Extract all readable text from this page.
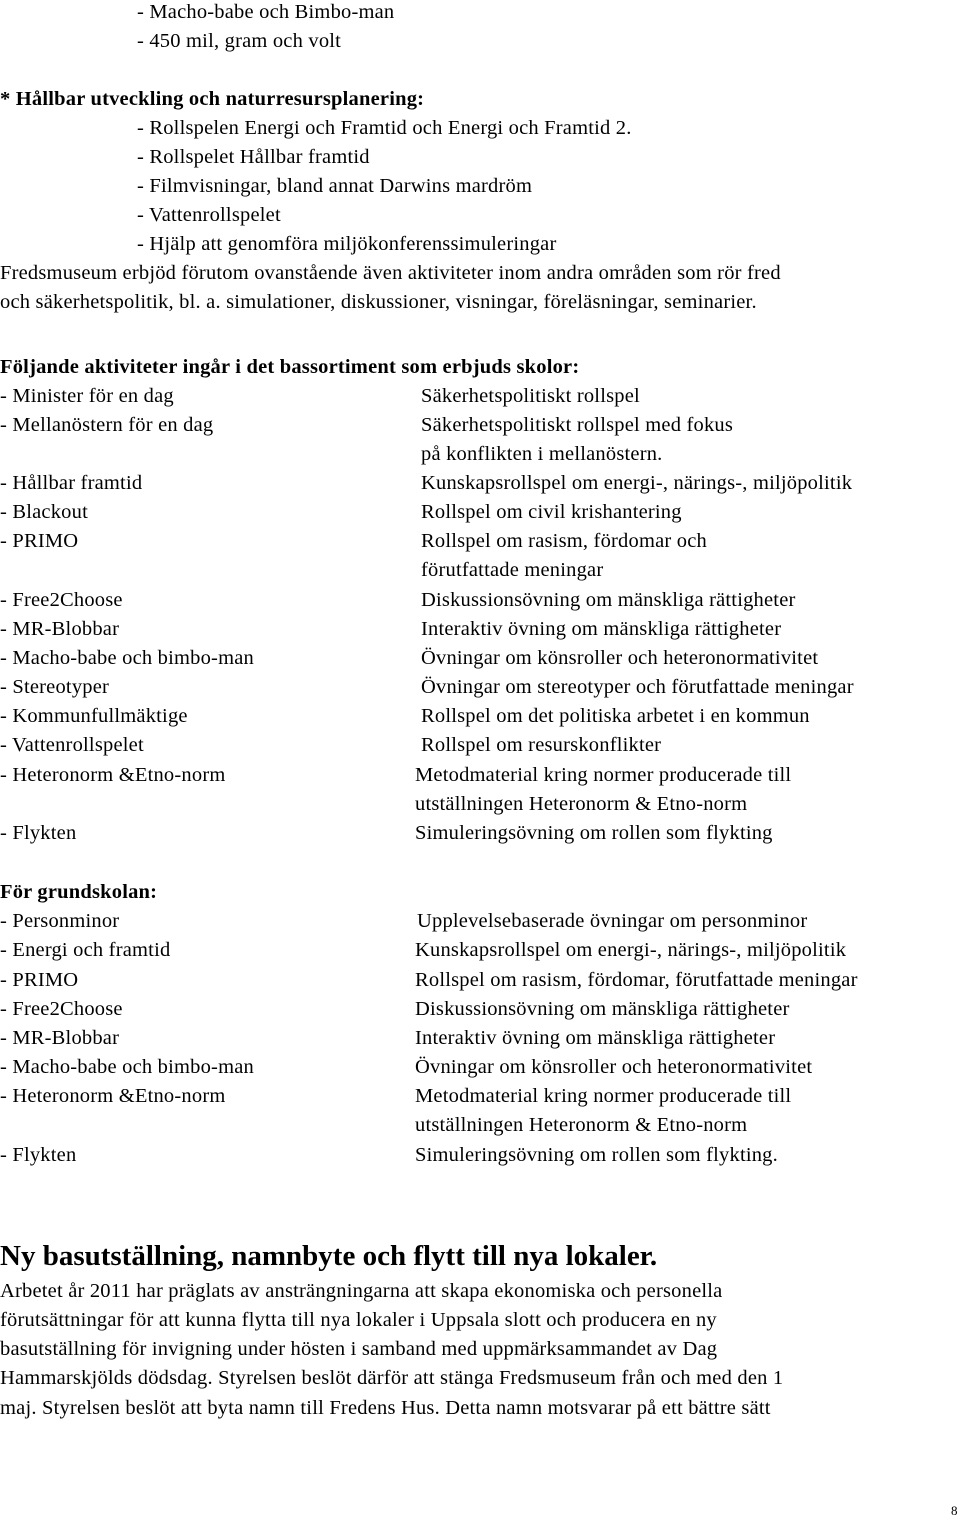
- Macho-babe och Bimbo-man
- 450 mil, gram och volt
* Hållbar utveckling och naturresursplanering:
- Rollspelen Energi och Framtid och Energi och Framtid 2.
- Rollspelet Hållbar framtid
- Filmvisningar, bland annat Darwins mardröm
- Vattenrollspelet
- Hjälp att genomföra miljökonferenssimuleringar
Fredsmuseum erbjöd förutom ovanstående även aktiviteter inom andra områden som rör fred
och säkerhetspolitik, bl. a. simulationer, diskussioner, visningar, föreläsningar, seminarier.
Följande aktiviteter ingår i det bassortiment som erbjuds skolor:
- Minister för en dag	Säkerhetspolitiskt rollspel
- Mellanöstern för en dag	Säkerhetspolitiskt rollspel med fokus
på konflikten i mellanöstern.
- Hållbar framtid	Kunskapsrollspel om energi-, närings-, miljöpolitik
- Blackout	Rollspel om civil krishantering
- PRIMO	Rollspel om rasism, fördomar och
förutfattade meningar
- Free2Choose	Diskussionsövning om mänskliga rättigheter
- MR-Blobbar	Interaktiv övning om mänskliga rättigheter
- Macho-babe och bimbo-man	Övningar om könsroller och heteronormativitet
- Stereotyper	Övningar om stereotyper och förutfattade meningar
- Kommunfullmäktige	Rollspel om det politiska arbetet i en kommun
- Vattenrollspelet	Rollspel om resurskonflikter
- Heteronorm &Etno-norm	Metodmaterial kring normer producerade till
utställningen Heteronorm & Etno-norm
- Flykten	Simuleringsövning om rollen som flykting
För grundskolan:
- Personminor	Upplevelsebaserade övningar om personminor
- Energi och framtid	Kunskapsrollspel om energi-, närings-, miljöpolitik
- PRIMO	Rollspel om rasism, fördomar, förutfattade meningar
- Free2Choose	Diskussionsövning om mänskliga rättigheter
- MR-Blobbar	Interaktiv övning om mänskliga rättigheter
- Macho-babe och bimbo-man	Övningar om könsroller och heteronormativitet
- Heteronorm &Etno-norm	Metodmaterial kring normer producerade till
utställningen Heteronorm & Etno-norm
- Flykten	Simuleringsövning om rollen som flykting.
Ny basutställning, namnbyte och flytt till nya lokaler.
Arbetet år 2011 har präglats av ansträngningarna att skapa ekonomiska och personella
förutsättningar för att kunna flytta till nya lokaler i Uppsala slott och producera en ny
basutställning för invigning under hösten i samband med uppmärksammandet av Dag
Hammarskjölds dödsdag. Styrelsen beslöt därför att stänga Fredsmuseum från och med den 1
maj. Styrelsen beslöt att byta namn till Fredens Hus. Detta namn motsvarar på ett bättre sätt
8
